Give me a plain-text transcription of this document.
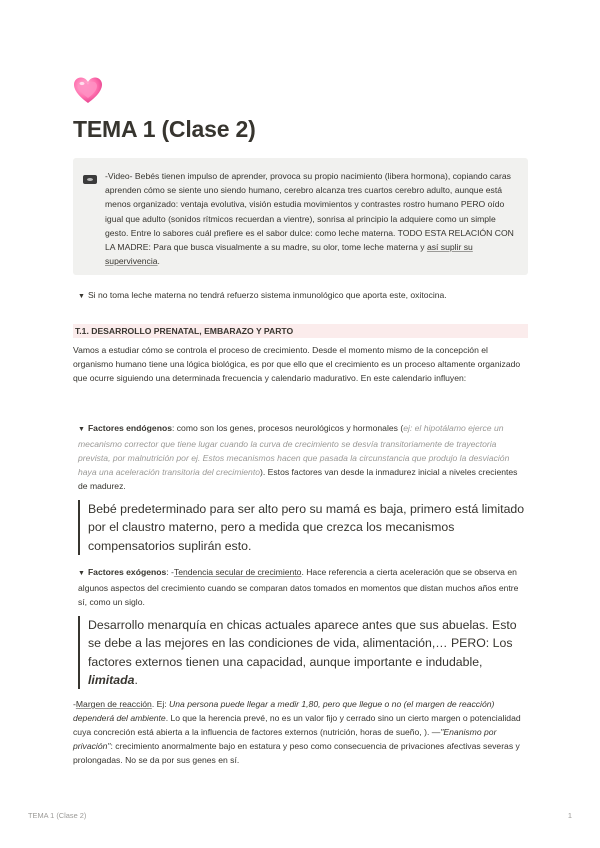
TEMA 1 (Clase 2)
-Video- Bebés tienen impulso de aprender, provoca su propio nacimiento (libera hormona), copiando caras aprenden cómo se siente uno siendo humano, cerebro alcanza tres cuartos cerebro adulto, aunque está menos organizado: ventaja evolutiva, visión estudia movimientos y contrastes rostro humano PERO oído igual que adulto (sonidos rítmicos recuerdan a vientre), sonrisa al principio la adquiere como un simple gesto. Entre lo sabores cuál prefiere es el sabor dulce: como leche materna. TODO ESTA RELACIÓN CON LA MADRE: Para que busca visualmente a su madre, su olor, tome leche materna y así suplir su supervivencia.
▼ Si no toma leche materna no tendrá refuerzo sistema inmunológico que aporta este, oxitocina.
T.1. DESARROLLO PRENATAL, EMBARAZO Y PARTO

Vamos a estudiar cómo se controla el proceso de crecimiento. Desde el momento mismo de la concepción el organismo humano tiene una lógica biológica, es por que ello que el crecimiento es un proceso altamente organizado que ocurre siguiendo una determinada frecuencia y calendario madurativo. En este calendario influyen:

▼ Factores endógenos: como son los genes, procesos neurológicos y hormonales (ej: el hipotálamo ejerce un mecanismo corrector que tiene lugar cuando la curva de crecimiento se desvía transitoriamente de trayectoria prevista, por malnutrición por ej. Estos mecanismos hacen que pasada la circunstancia que produjo la desviación haya una aceleración transitoria del crecimiento). Estos factores van desde la inmadurez inicial a niveles crecientes de madurez.
Bebé predeterminado para ser alto pero su mamá es baja, primero está limitado por el claustro materno, pero a medida que crezca los mecanismos compensatorios suplirán esto.
▼ Factores exógenos: -Tendencia secular de crecimiento. Hace referencia a cierta aceleración que se observa en algunos aspectos del crecimiento cuando se comparan datos tomados en momentos que distan muchos años entre sí, como un siglo.
Desarrollo menarquía en chicas actuales aparece antes que sus abuelas. Esto se debe a las mejores en las condiciones de vida, alimentación,… PERO: Los factores externos tienen una capacidad, aunque importante e indudable, limitada.

-Margen de reacción. Ej: Una persona puede llegar a medir 1,80, pero que llegue o no (el margen de reacción) dependerá del ambiente. Lo que la herencia prevé, no es un valor fijo y cerrado sino un cierto margen o potencialidad cuya concreción está abierta a la influencia de factores externos (nutrición, horas de sueño, ). —"Enanismo por privación": crecimiento anormalmente bajo en estatura y peso como consecuencia de privaciones afectivas severas y prolongadas. No se da por sus genes en sí.

TEMA 1 (Clase 2)	1
